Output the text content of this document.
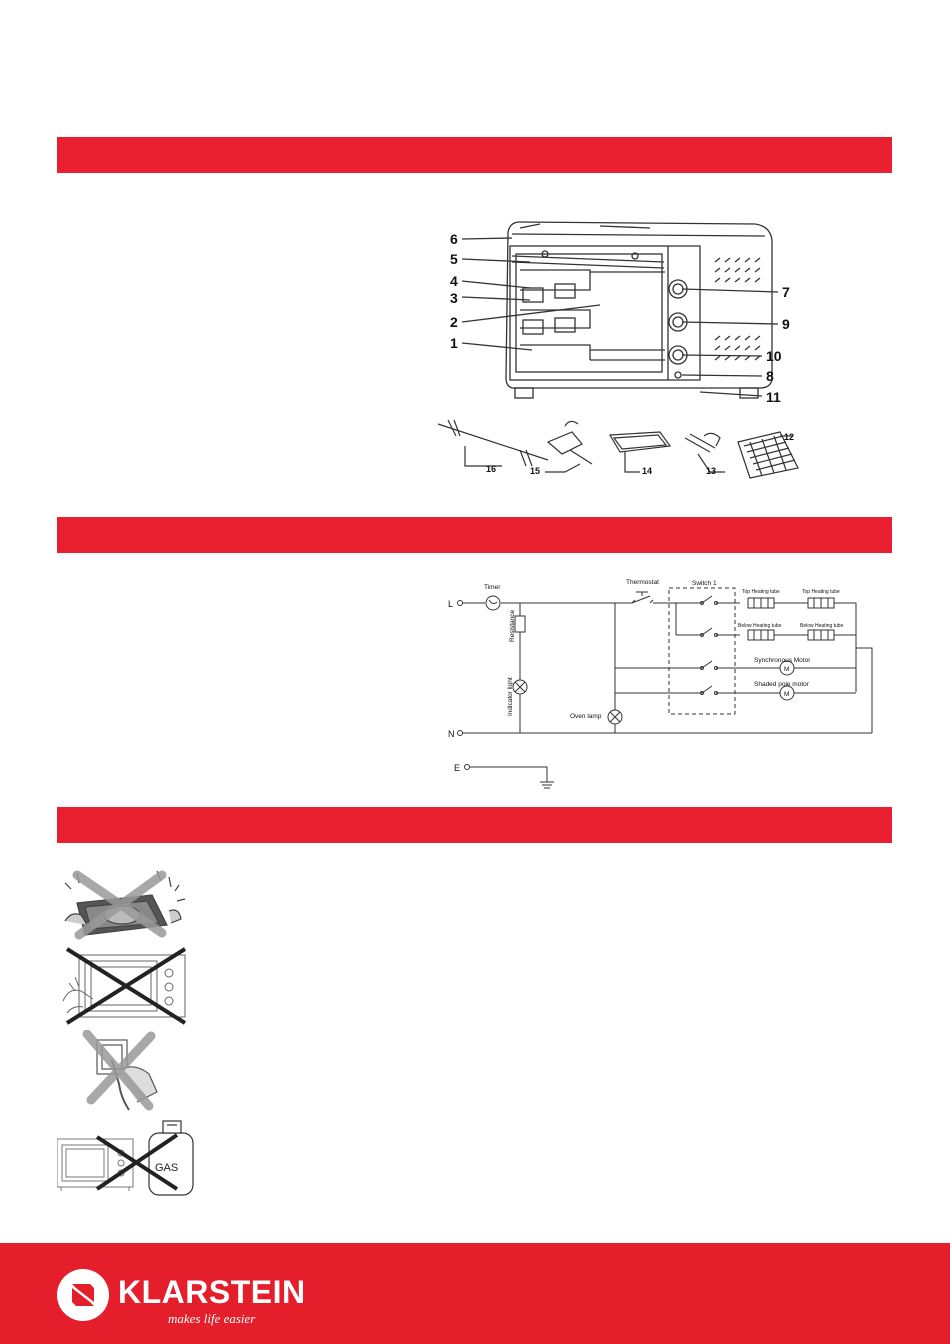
6
5
4
3
2
1
7
9
10
8
11
16	15	14	13
12
L
N
E
Timer
Thermostat	Switch 1
Resistance
Indicator light
Oven lamp
Synchronous Motor
Shaded pole motor
M
M
Top Heating tube	Top Heating tube
Below Heating tube	Below Heating tube
GAS
KLARSTEIN
makes life easier
